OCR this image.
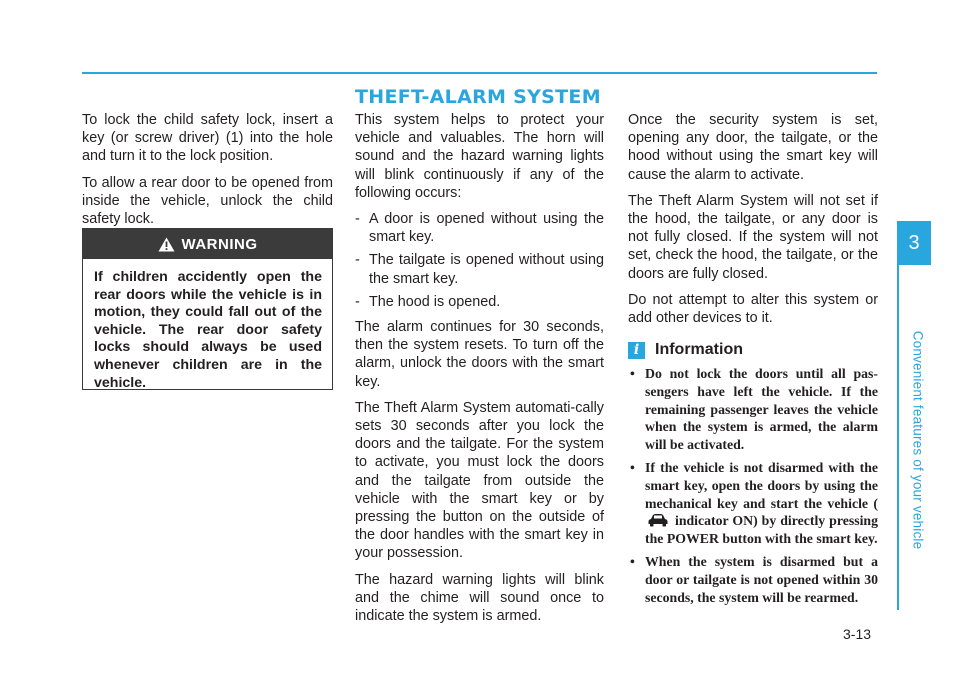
THEFT-ALARM SYSTEM

To lock the child safety lock, insert a key (or screw driver) (1) into the hole and turn it to the lock position.

To allow a rear door to be opened from inside the vehicle, unlock the child safety lock.

WARNING
If children accidently open the rear doors while the vehicle is in motion, they could fall out of the vehicle. The rear door safety locks should always be used whenever children are in the vehicle.

This system helps to protect your vehicle and valuables. The horn will sound and the hazard warning lights will blink continuously if any of the following occurs:

- A door is opened without using the smart key.
- The tailgate is opened without using the smart key.
- The hood is opened.

The alarm continues for 30 seconds, then the system resets. To turn off the alarm, unlock the doors with the smart key.

The Theft Alarm System automati-cally sets 30 seconds after you lock the doors and the tailgate. For the system to activate, you must lock the doors and the tailgate from outside the vehicle with the smart key or by pressing the button on the outside of the door handles with the smart key in your possession.

The hazard warning lights will blink and the chime will sound once to indicate the system is armed.

Once the security system is set, opening any door, the tailgate, or the hood without using the smart key will cause the alarm to activate.

The Theft Alarm System will not set if the hood, the tailgate, or any door is not fully closed. If the system will not set, check the hood, the tailgate, or the doors are fully closed.

Do not attempt to alter this system or add other devices to it.

i Information
• Do not lock the doors until all pas-sengers have left the vehicle. If the remaining passenger leaves the vehicle when the system is armed, the alarm will be activated.
• If the vehicle is not disarmed with the smart key, open the doors by using the mechanical key and start the vehicle ( indicator ON) by directly pressing the POWER button with the smart key.
• When the system is disarmed but a door or tailgate is not opened within 30 seconds, the system will be rearmed.
3
Convenient features of your vehicle
3-13
